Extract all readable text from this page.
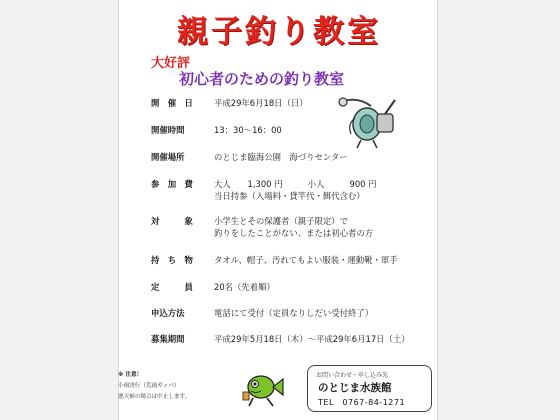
親子釣り教室
大好評
初心者のための釣り教室
開　催　日	平成29年6月18日（日）
開催時間	13：30～16：00
開催場所	のとじま臨海公園　海づりセンター
参　加　費	大人　　1,300 円　　　小人　　　900 円
当日持参（入場料・貸竿代・餌代含む）
対　　　象	小学生とその保護者（親子限定）で
釣りをしたことがない、または初心者の方
持　ち　物	タオル、帽子、汚れてもよい服装・運動靴・軍手
定　　　員	20名（先着順）
申込方法	電話にて受付（定員なりしだい受付終了）
募集期間	平成29年5月18日（木）～平成29年6月17日（土）
お問い合わせ・申し込み先
のとじま水族館
TEL　0767-84-1271
※ 注意！
小雨決行（荒雨ガッパ）
悪天候の場合は中止します。
